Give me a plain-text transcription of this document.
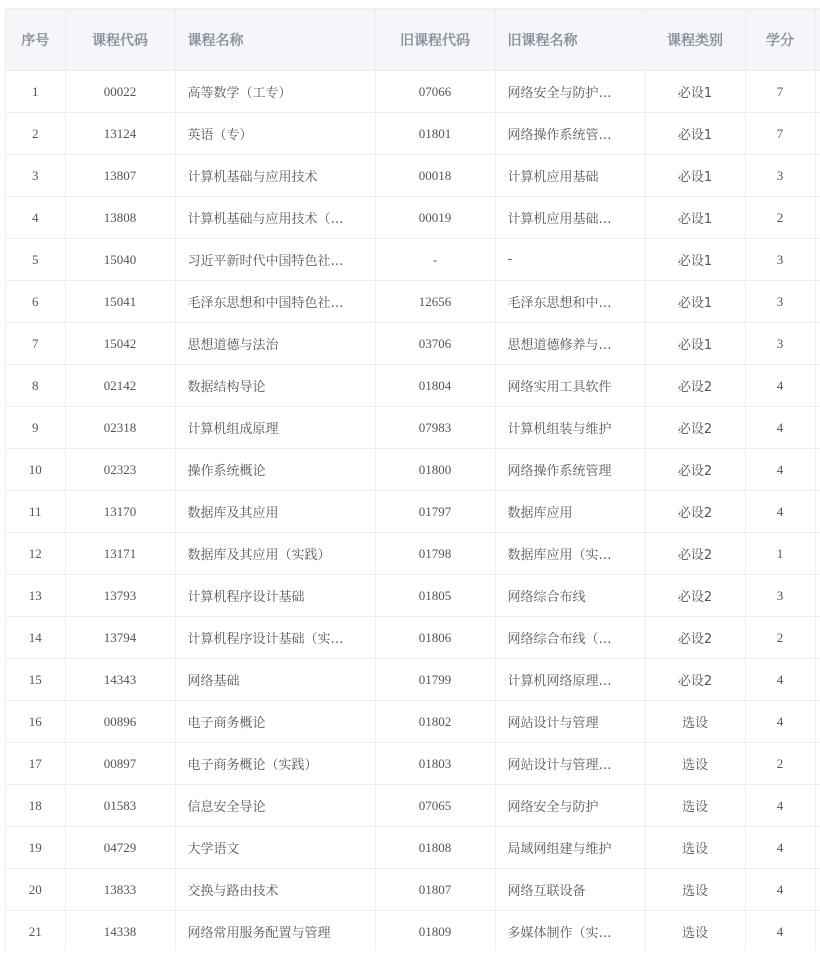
序号	课程代码	课程名称	旧课程代码	旧课程名称	课程类别	学分	
1	00022	高等数学（工专）	07066	网络安全与防护…	必设1	7	
2	13124	英语（专）	01801	网络操作系统管…	必设1	7	
3	13807	计算机基础与应用技术	00018	计算机应用基础	必设1	3	
4	13808	计算机基础与应用技术（…	00019	计算机应用基础…	必设1	2	
5	15040	习近平新时代中国特色社…	-	-	必设1	3	
6	15041	毛泽东思想和中国特色社…	12656	毛泽东思想和中…	必设1	3	
7	15042	思想道德与法治	03706	思想道德修养与…	必设1	3	
8	02142	数据结构导论	01804	网络实用工具软件	必设2	4	
9	02318	计算机组成原理	07983	计算机组装与维护	必设2	4	
10	02323	操作系统概论	01800	网络操作系统管理	必设2	4	
11	13170	数据库及其应用	01797	数据库应用	必设2	4	
12	13171	数据库及其应用（实践）	01798	数据库应用（实…	必设2	1	
13	13793	计算机程序设计基础	01805	网络综合布线	必设2	3	
14	13794	计算机程序设计基础（实…	01806	网络综合布线（…	必设2	2	
15	14343	网络基础	01799	计算机网络原理…	必设2	4	
16	00896	电子商务概论	01802	网站设计与管理	选设	4	
17	00897	电子商务概论（实践）	01803	网站设计与管理…	选设	2	
18	01583	信息安全导论	07065	网络安全与防护	选设	4	
19	04729	大学语文	01808	局域网组建与维护	选设	4	
20	13833	交换与路由技术	01807	网络互联设备	选设	4	
21	14338	网络常用服务配置与管理	01809	多媒体制作（实…	选设	4	
